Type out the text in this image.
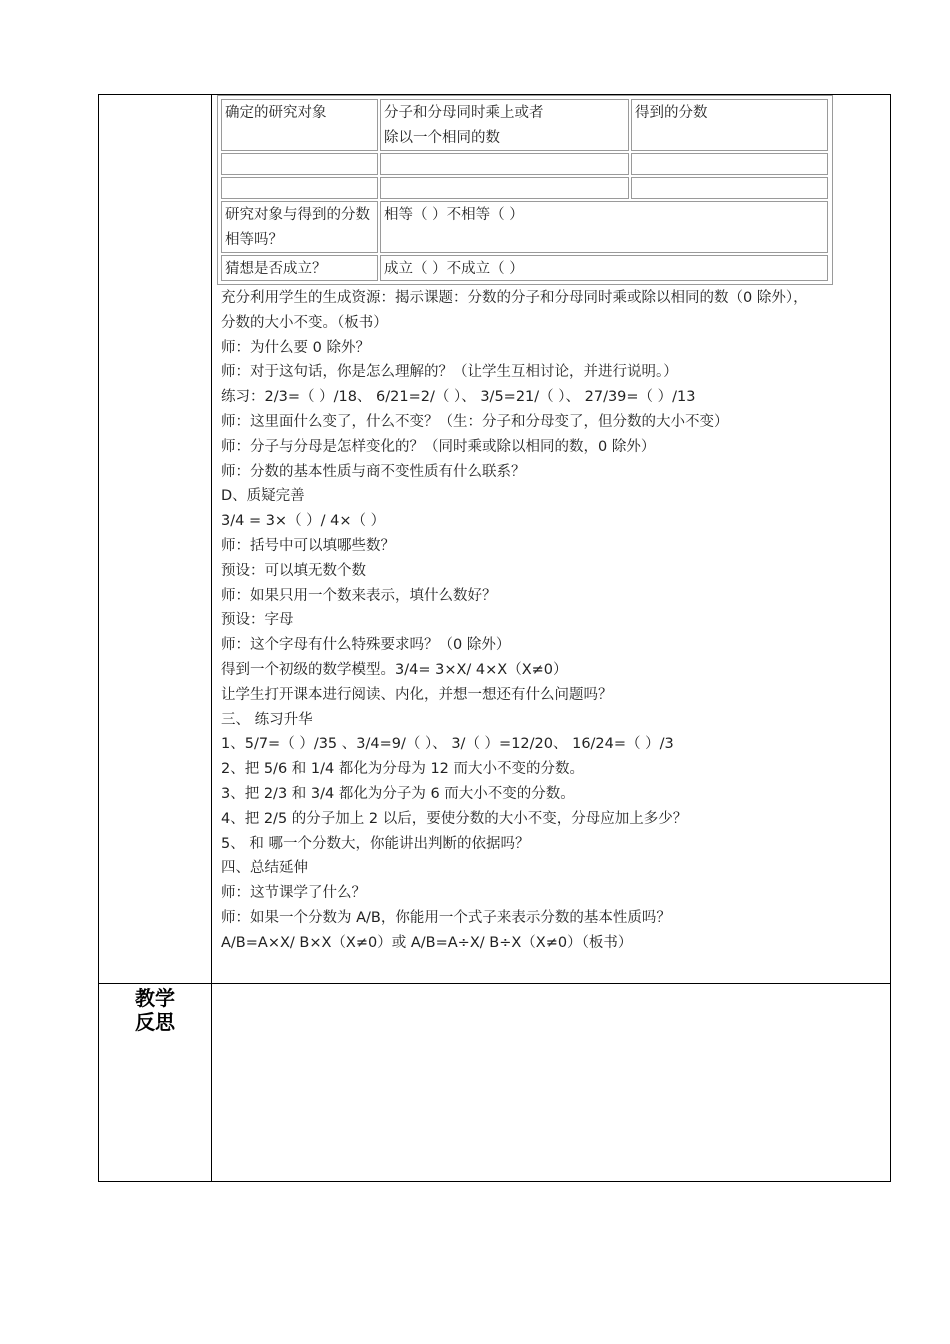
确定的研究对象	分子和分母同时乘上或者
除以一个相同的数
得到的分数
研究对象与得到的分数相等吗？
相等（ ）不相等（ ）
猜想是否成立？	成立（ ）不成立（ ）
充分利用学生的生成资源：揭示课题：分数的分子和分母同时乘或除以相同的数（0 除外），
分数的大小不变。（板书）
师：为什么要 0 除外？
师：对于这句话，你是怎么理解的？（让学生互相讨论，并进行说明。）
练习：2/3=（ ）/18、 6/21=2/（ ）、 3/5=21/（ ）、 27/39=（ ）/13
师：这里面什么变了，什么不变？（生：分子和分母变了，但分数的大小不变）
师：分子与分母是怎样变化的？（同时乘或除以相同的数，0 除外）
师：分数的基本性质与商不变性质有什么联系？
D、质疑完善
3/4 = 3×（ ）/ 4×（ ）
师：括号中可以填哪些数？
预设：可以填无数个数
师：如果只用一个数来表示，填什么数好？
预设：字母
师：这个字母有什么特殊要求吗？（0 除外）
得到一个初级的数学模型。3/4= 3×X/ 4×X（X≠0）
让学生打开课本进行阅读、内化，并想一想还有什么问题吗？
三、 练习升华
1、5/7=（ ）/35 、3/4=9/（ ）、 3/（ ）=12/20、 16/24=（ ）/3
2、把 5/6 和 1/4 都化为分母为 12 而大小不变的分数。
3、把 2/3 和 3/4 都化为分子为 6 而大小不变的分数。
4、把 2/5 的分子加上 2 以后，要使分数的大小不变，分母应加上多少？
5、 和 哪一个分数大，你能讲出判断的依据吗？
四、总结延伸
师：这节课学了什么？
师：如果一个分数为 A/B，你能用一个式子来表示分数的基本性质吗？
A/B=A×X/ B×X（X≠0）或 A/B=A÷X/ B÷X（X≠0）（板书）
教学
反思
